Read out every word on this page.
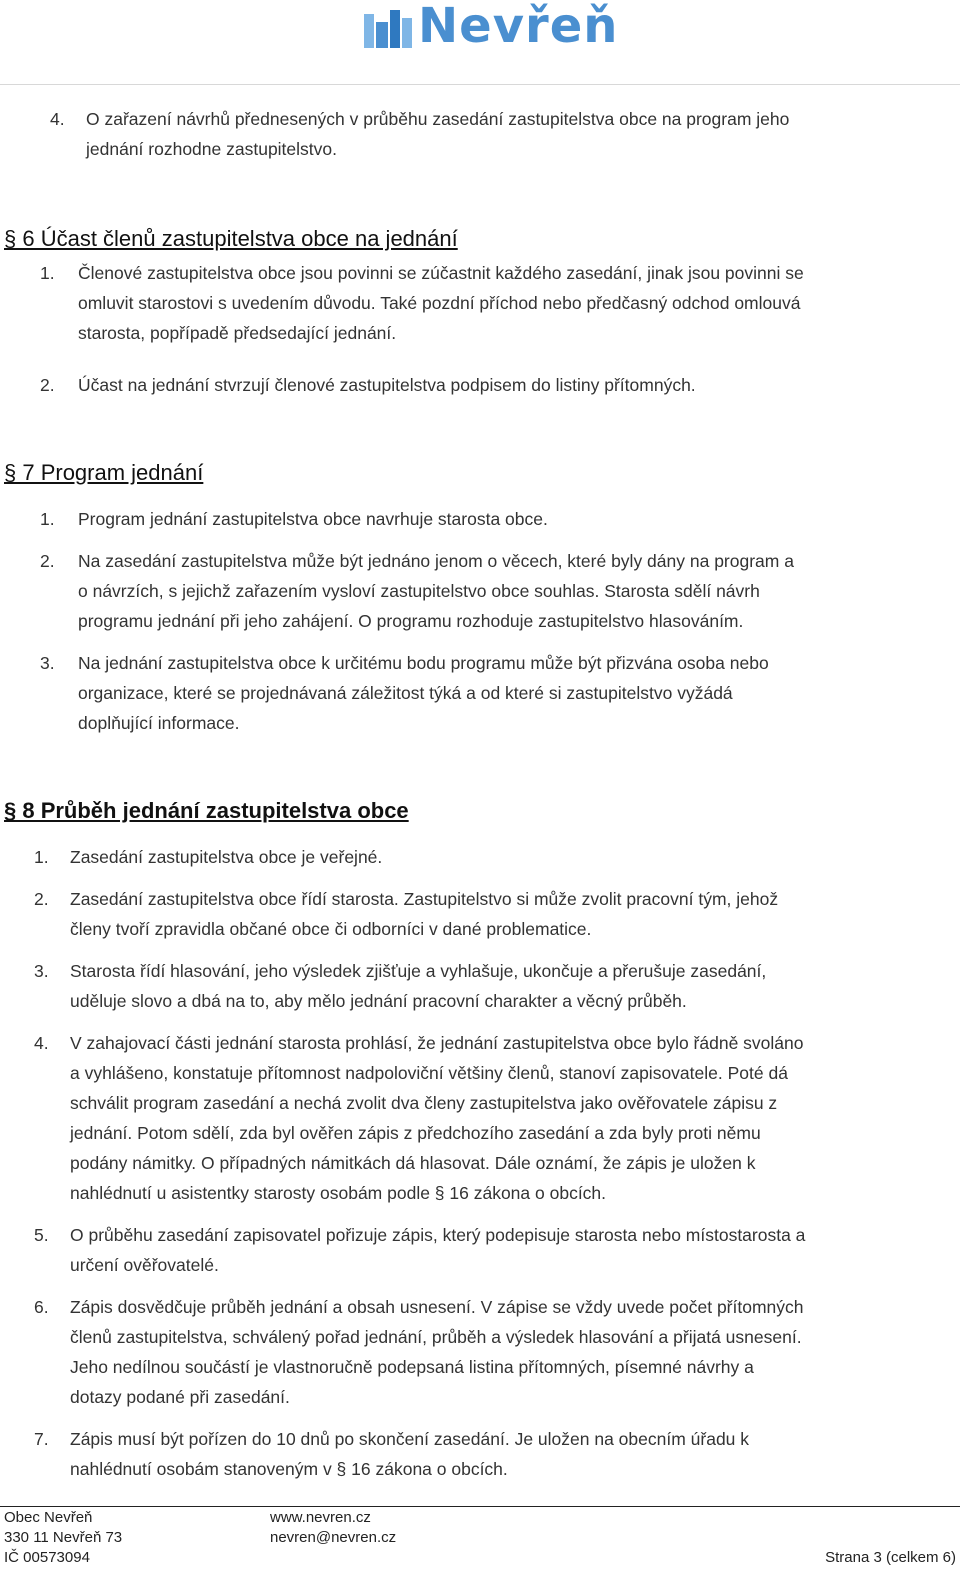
Nevřeň
4. O zařazení návrhů přednesených v průběhu zasedání zastupitelstva obce na program jeho
jednání rozhodne zastupitelstvo.
§ 6 Účast členů zastupitelstva obce na jednání
1. Členové zastupitelstva obce jsou povinni se zúčastnit každého zasedání, jinak jsou povinni se
omluvit starostovi s uvedením důvodu. Také pozdní příchod nebo předčasný odchod omlouvá
starosta, popřípadě předsedající jednání.
2. Účast na jednání stvrzují členové zastupitelstva podpisem do listiny přítomných.
§ 7 Program jednání
1. Program jednání zastupitelstva obce navrhuje starosta obce.
2. Na zasedání zastupitelstva může být jednáno jenom o věcech, které byly dány na program a
o návrzích, s jejichž zařazením vysloví zastupitelstvo obce souhlas. Starosta sdělí návrh
programu jednání při jeho zahájení. O programu rozhoduje zastupitelstvo hlasováním.
3. Na jednání zastupitelstva obce k určitému bodu programu může být přizvána osoba nebo
organizace, které se projednávaná záležitost týká a od které si zastupitelstvo vyžádá
doplňující informace.
§ 8 Průběh jednání zastupitelstva obce
1. Zasedání zastupitelstva obce je veřejné.
2. Zasedání zastupitelstva obce řídí starosta. Zastupitelstvo si může zvolit pracovní tým, jehož
členy tvoří zpravidla občané obce či odborníci v dané problematice.
3. Starosta řídí hlasování, jeho výsledek zjišťuje a vyhlašuje, ukončuje a přerušuje zasedání,
uděluje slovo a dbá na to, aby mělo jednání pracovní charakter a věcný průběh.
4. V zahajovací části jednání starosta prohlásí, že jednání zastupitelstva obce bylo řádně svoláno
a vyhlášeno, konstatuje přítomnost nadpoloviční většiny členů, stanoví zapisovatele. Poté dá
schválit program zasedání a nechá zvolit dva členy zastupitelstva jako ověřovatele zápisu z
jednání. Potom sdělí, zda byl ověřen zápis z předchozího zasedání a zda byly proti němu
podány námitky. O případných námitkách dá hlasovat. Dále oznámí, že zápis je uložen k
nahlédnutí u asistentky starosty osobám podle § 16 zákona o obcích.
5. O průběhu zasedání zapisovatel pořizuje zápis, který podepisuje starosta nebo místostarosta a
určení ověřovatelé.
6. Zápis dosvědčuje průběh jednání a obsah usnesení. V zápise se vždy uvede počet přítomných
členů zastupitelstva, schválený pořad jednání, průběh a výsledek hlasování a přijatá usnesení.
Jeho nedílnou součástí je vlastnoručně podepsaná listina přítomných, písemné návrhy a
dotazy podané při zasedání.
7. Zápis musí být pořízen do 10 dnů po skončení zasedání. Je uložen na obecním úřadu k
nahlédnutí osobám stanoveným v § 16 zákona o obcích.
Obec Nevřeň
330 11 Nevřeň 73
IČ 00573094
www.nevren.cz
nevren@nevren.cz
Strana 3 (celkem 6)
